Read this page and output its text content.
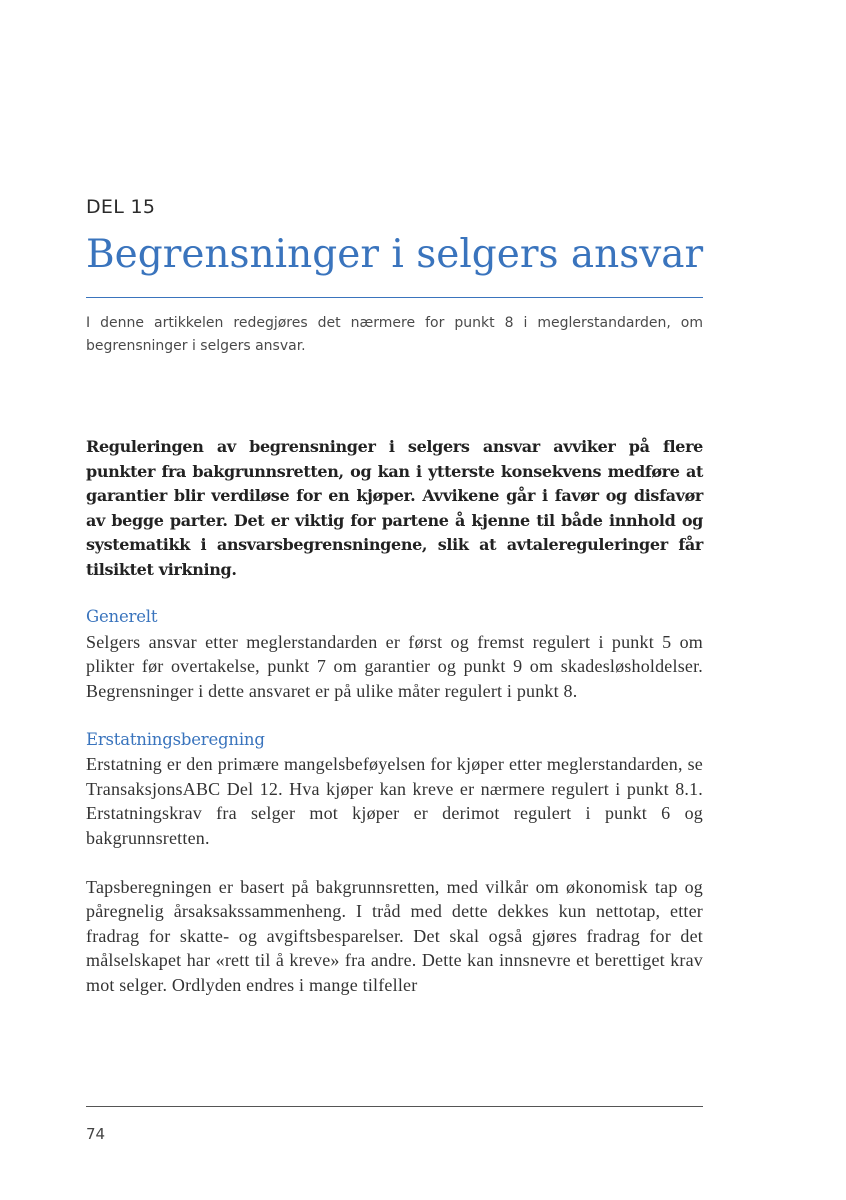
DEL 15
Begrensninger i selgers ansvar

I denne artikkelen redegjøres det nærmere for punkt 8 i meglerstandarden, om begrensninger i selgers ansvar.

Reguleringen av begrensninger i selgers ansvar avviker på flere punkter fra bakgrunnsretten, og kan i ytterste konsekvens medføre at garantier blir verdiløse for en kjøper. Avvikene går i favør og disfavør av begge parter. Det er viktig for partene å kjenne til både innhold og systematikk i ansvarsbegrensningene, slik at avtalereguleringer får tilsiktet virkning.

Generelt

Selgers ansvar etter meglerstandarden er først og fremst regulert i punkt 5 om plikter før overtakelse, punkt 7 om garantier og punkt 9 om skadesløsholdelser. Begrensninger i dette ansvaret er på ulike måter regulert i punkt 8.

Erstatningsberegning

Erstatning er den primære mangelsbeføyelsen for kjøper etter meglerstandarden, se TransaksjonsABC Del 12. Hva kjøper kan kreve er nærmere regulert i punkt 8.1. Erstatningskrav fra selger mot kjøper er derimot regulert i punkt 6 og bakgrunnsretten.

Tapsberegningen er basert på bakgrunnsretten, med vilkår om økonomisk tap og påregnelig årsaksakssammenheng. I tråd med dette dekkes kun nettotap, etter fradrag for skatte- og avgiftsbesparelser. Det skal også gjøres fradrag for det målselskapet har «rett til å kreve» fra andre. Dette kan innsnevre et berettiget krav mot selger. Ordlyden endres i mange tilfeller

74
